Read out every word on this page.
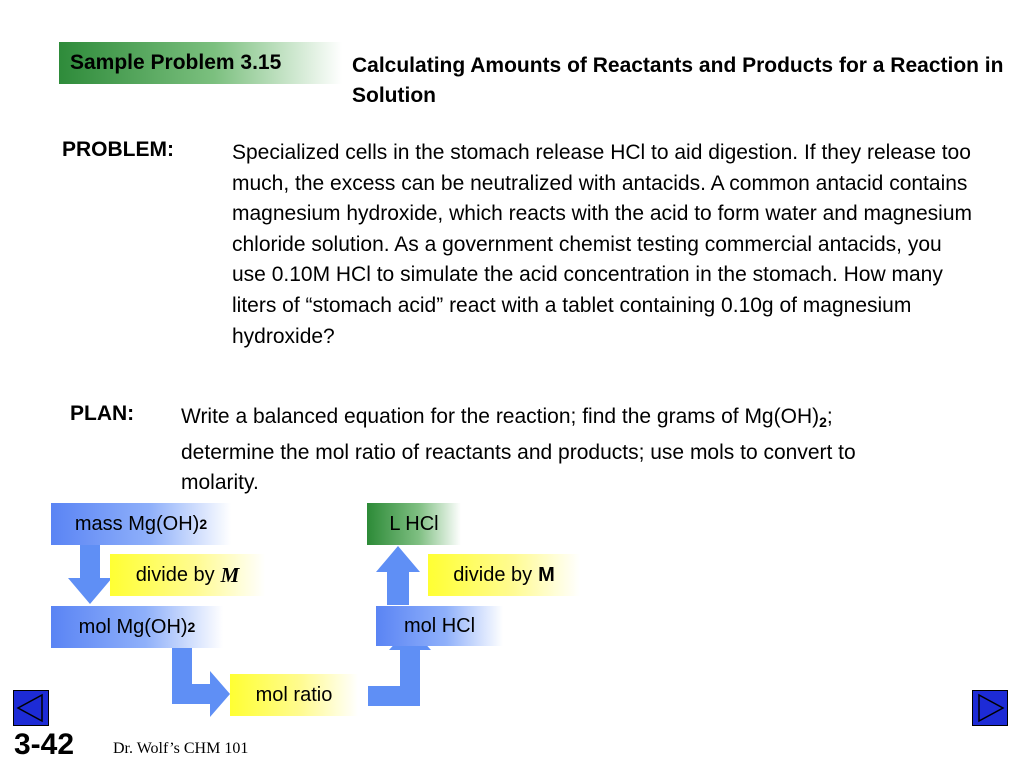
Sample Problem 3.15	Calculating Amounts of Reactants and Products for a Reaction in Solution
PROBLEM:	Specialized cells in the stomach release HCl to aid digestion. If they release too much, the excess can be neutralized with antacids. A common antacid contains magnesium hydroxide, which reacts with the acid to form water and magnesium chloride solution. As a government chemist testing commercial antacids, you use 0.10M HCl to simulate the acid concentration in the stomach. How many liters of “stomach acid” react with a tablet containing 0.10g of magnesium hydroxide?
PLAN: Write a balanced equation for the reaction; find the grams of $Mg(OH)_2$; determine the mol ratio of reactants and products; use mols to convert to molarity.
mass Mg(OH) 2
divide by M
mol Mg(OH) 2
mol ratio
mol HCl
divide by M
L HCl
3-42 Dr. Wolf’s CHM 101
